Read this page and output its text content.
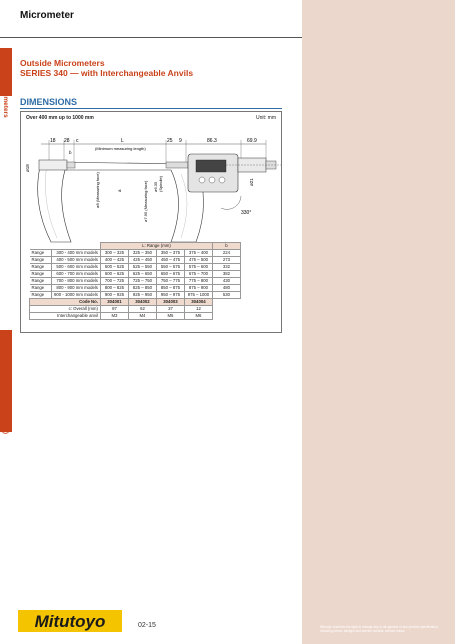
Micrometer
02 Micrometers
Outside Micrometers (Digimatic)
Outside Micrometers
SERIES 340 — with Interchangeable Anvils
DIMENSIONS
Over 400 mm up to 1000 mm	Unit: mm
18 28 c	L
(Minimum measuring length)
25 9	86.3	69.9
b
330°
ø18
ø8 (Measuring face)	ø7.95 (Measuring face) ø6.35 (Spindle)	ø21
a
		L: Range (mm)				b
Range	300 - 400 mm models	300 – 325	325 – 350	350 – 375	375 – 400	224
Range	400 - 500 mm models	400 – 425	425 – 450	450 – 475	475 – 500	273
Range	500 - 600 mm models	500 – 525	525 – 550	550 – 575	575 – 600	332
Range	600 - 700 mm models	600 – 625	625 – 650	650 – 675	675 – 700	382
Range	700 - 800 mm models	700 – 725	725 – 750	750 – 775	775 – 800	430
Range	800 - 900 mm models	800 – 825	825 – 850	850 – 875	875 – 900	480
Range	900 - 1000 mm models	900 – 925	925 – 950	950 – 975	975 – 1000	530
Code No.		304001	304002	304003	304004	
c: Overall (mm)		87	62	37	12	
Interchangeable anvil		M3	M4	M5	M6	
Mitutoyo	02-15	Mitutoyo reserves the right to change any or all aspects of any product specification, including prices, designs and service content, without notice.
